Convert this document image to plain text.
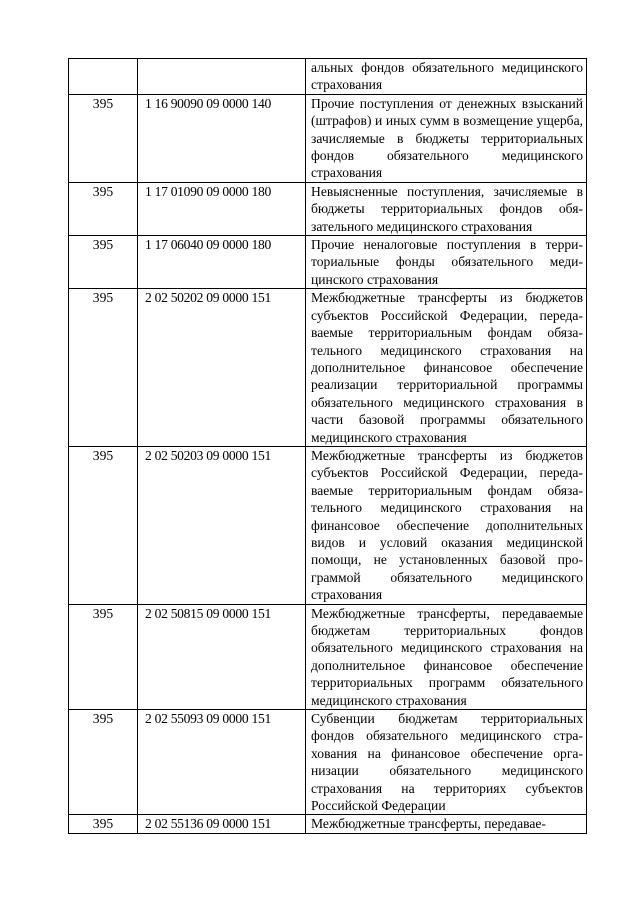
		альных фондов обязательного медицинского страхования

395	1 16 90090 09 0000 140	Прочие поступления от денежных взысканий (штрафов) и иных сумм в возмещение ущерба, зачисляемые в бюджеты территориальных фондов обязательного медицинского страхования

395	1 17 01090 09 0000 180	Невыясненные поступления, зачисляемые в бюджеты территориальных фондов обязательного медицинского страхования

395	1 17 06040 09 0000 180	Прочие неналоговые поступления в территориальные фонды обязательного медицинского страхования

395	2 02 50202 09 0000 151	Межбюджетные трансферты из бюджетов субъектов Российской Федерации, передаваемые территориальным фондам обязательного медицинского страхования на дополнительное финансовое обеспечение реализации территориальной программы обязательного медицинского страхования в части базовой программы обязательного медицинского страхования

395	2 02 50203 09 0000 151	Межбюджетные трансферты из бюджетов субъектов Российской Федерации, передаваемые территориальным фондам обязательного медицинского страхования на финансовое обеспечение дополнительных видов и условий оказания медицинской помощи, не установленных базовой программой обязательного медицинского страхования

395	2 02 50815 09 0000 151	Межбюджетные трансферты, передаваемые бюджетам территориальных фондов обязательного медицинского страхования на дополнительное финансовое обеспечение территориальных программ обязательного медицинского страхования

395	2 02 55093 09 0000 151	Субвенции бюджетам территориальных фондов обязательного медицинского страхования на финансовое обеспечение организации обязательного медицинского страхования на территориях субъектов Российской Федерации

395	2 02 55136 09 0000 151	Межбюджетные трансферты, передавае-
